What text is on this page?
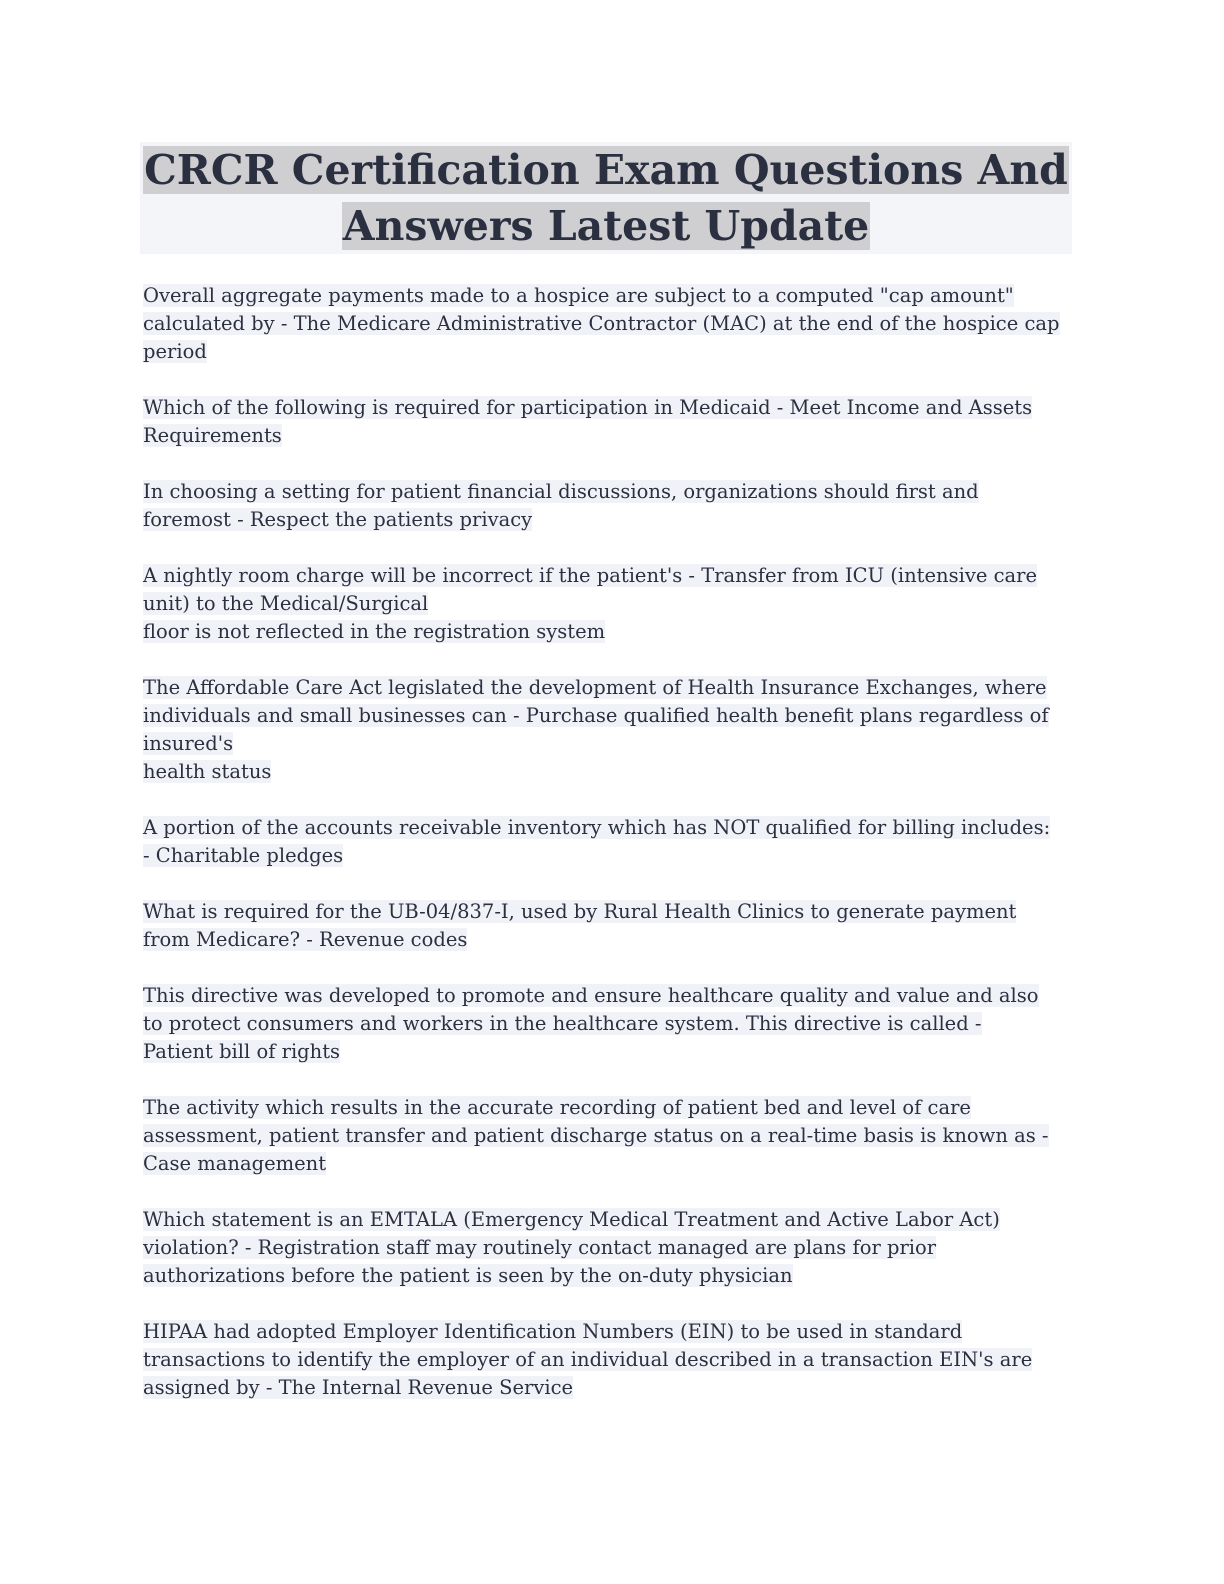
CRCR Certification Exam Questions And
Answers Latest Update
Overall aggregate payments made to a hospice are subject to a computed "cap amount"
calculated by - The Medicare Administrative Contractor (MAC) at the end of the hospice cap
period
Which of the following is required for participation in Medicaid - Meet Income and Assets
Requirements
In choosing a setting for patient financial discussions, organizations should first and
foremost - Respect the patients privacy
A nightly room charge will be incorrect if the patient's - Transfer from ICU (intensive care
unit) to the Medical/Surgical
floor is not reflected in the registration system
The Affordable Care Act legislated the development of Health Insurance Exchanges, where
individuals and small businesses can - Purchase qualified health benefit plans regardless of
insured's
health status
A portion of the accounts receivable inventory which has NOT qualified for billing includes:
- Charitable pledges
What is required for the UB-04/837-I, used by Rural Health Clinics to generate payment
from Medicare? - Revenue codes
This directive was developed to promote and ensure healthcare quality and value and also
to protect consumers and workers in the healthcare system. This directive is called -
Patient bill of rights
The activity which results in the accurate recording of patient bed and level of care
assessment, patient transfer and patient discharge status on a real-time basis is known as -
Case management
Which statement is an EMTALA (Emergency Medical Treatment and Active Labor Act)
violation? - Registration staff may routinely contact managed are plans for prior
authorizations before the patient is seen by the on-duty physician
HIPAA had adopted Employer Identification Numbers (EIN) to be used in standard
transactions to identify the employer of an individual described in a transaction EIN's are
assigned by - The Internal Revenue Service
